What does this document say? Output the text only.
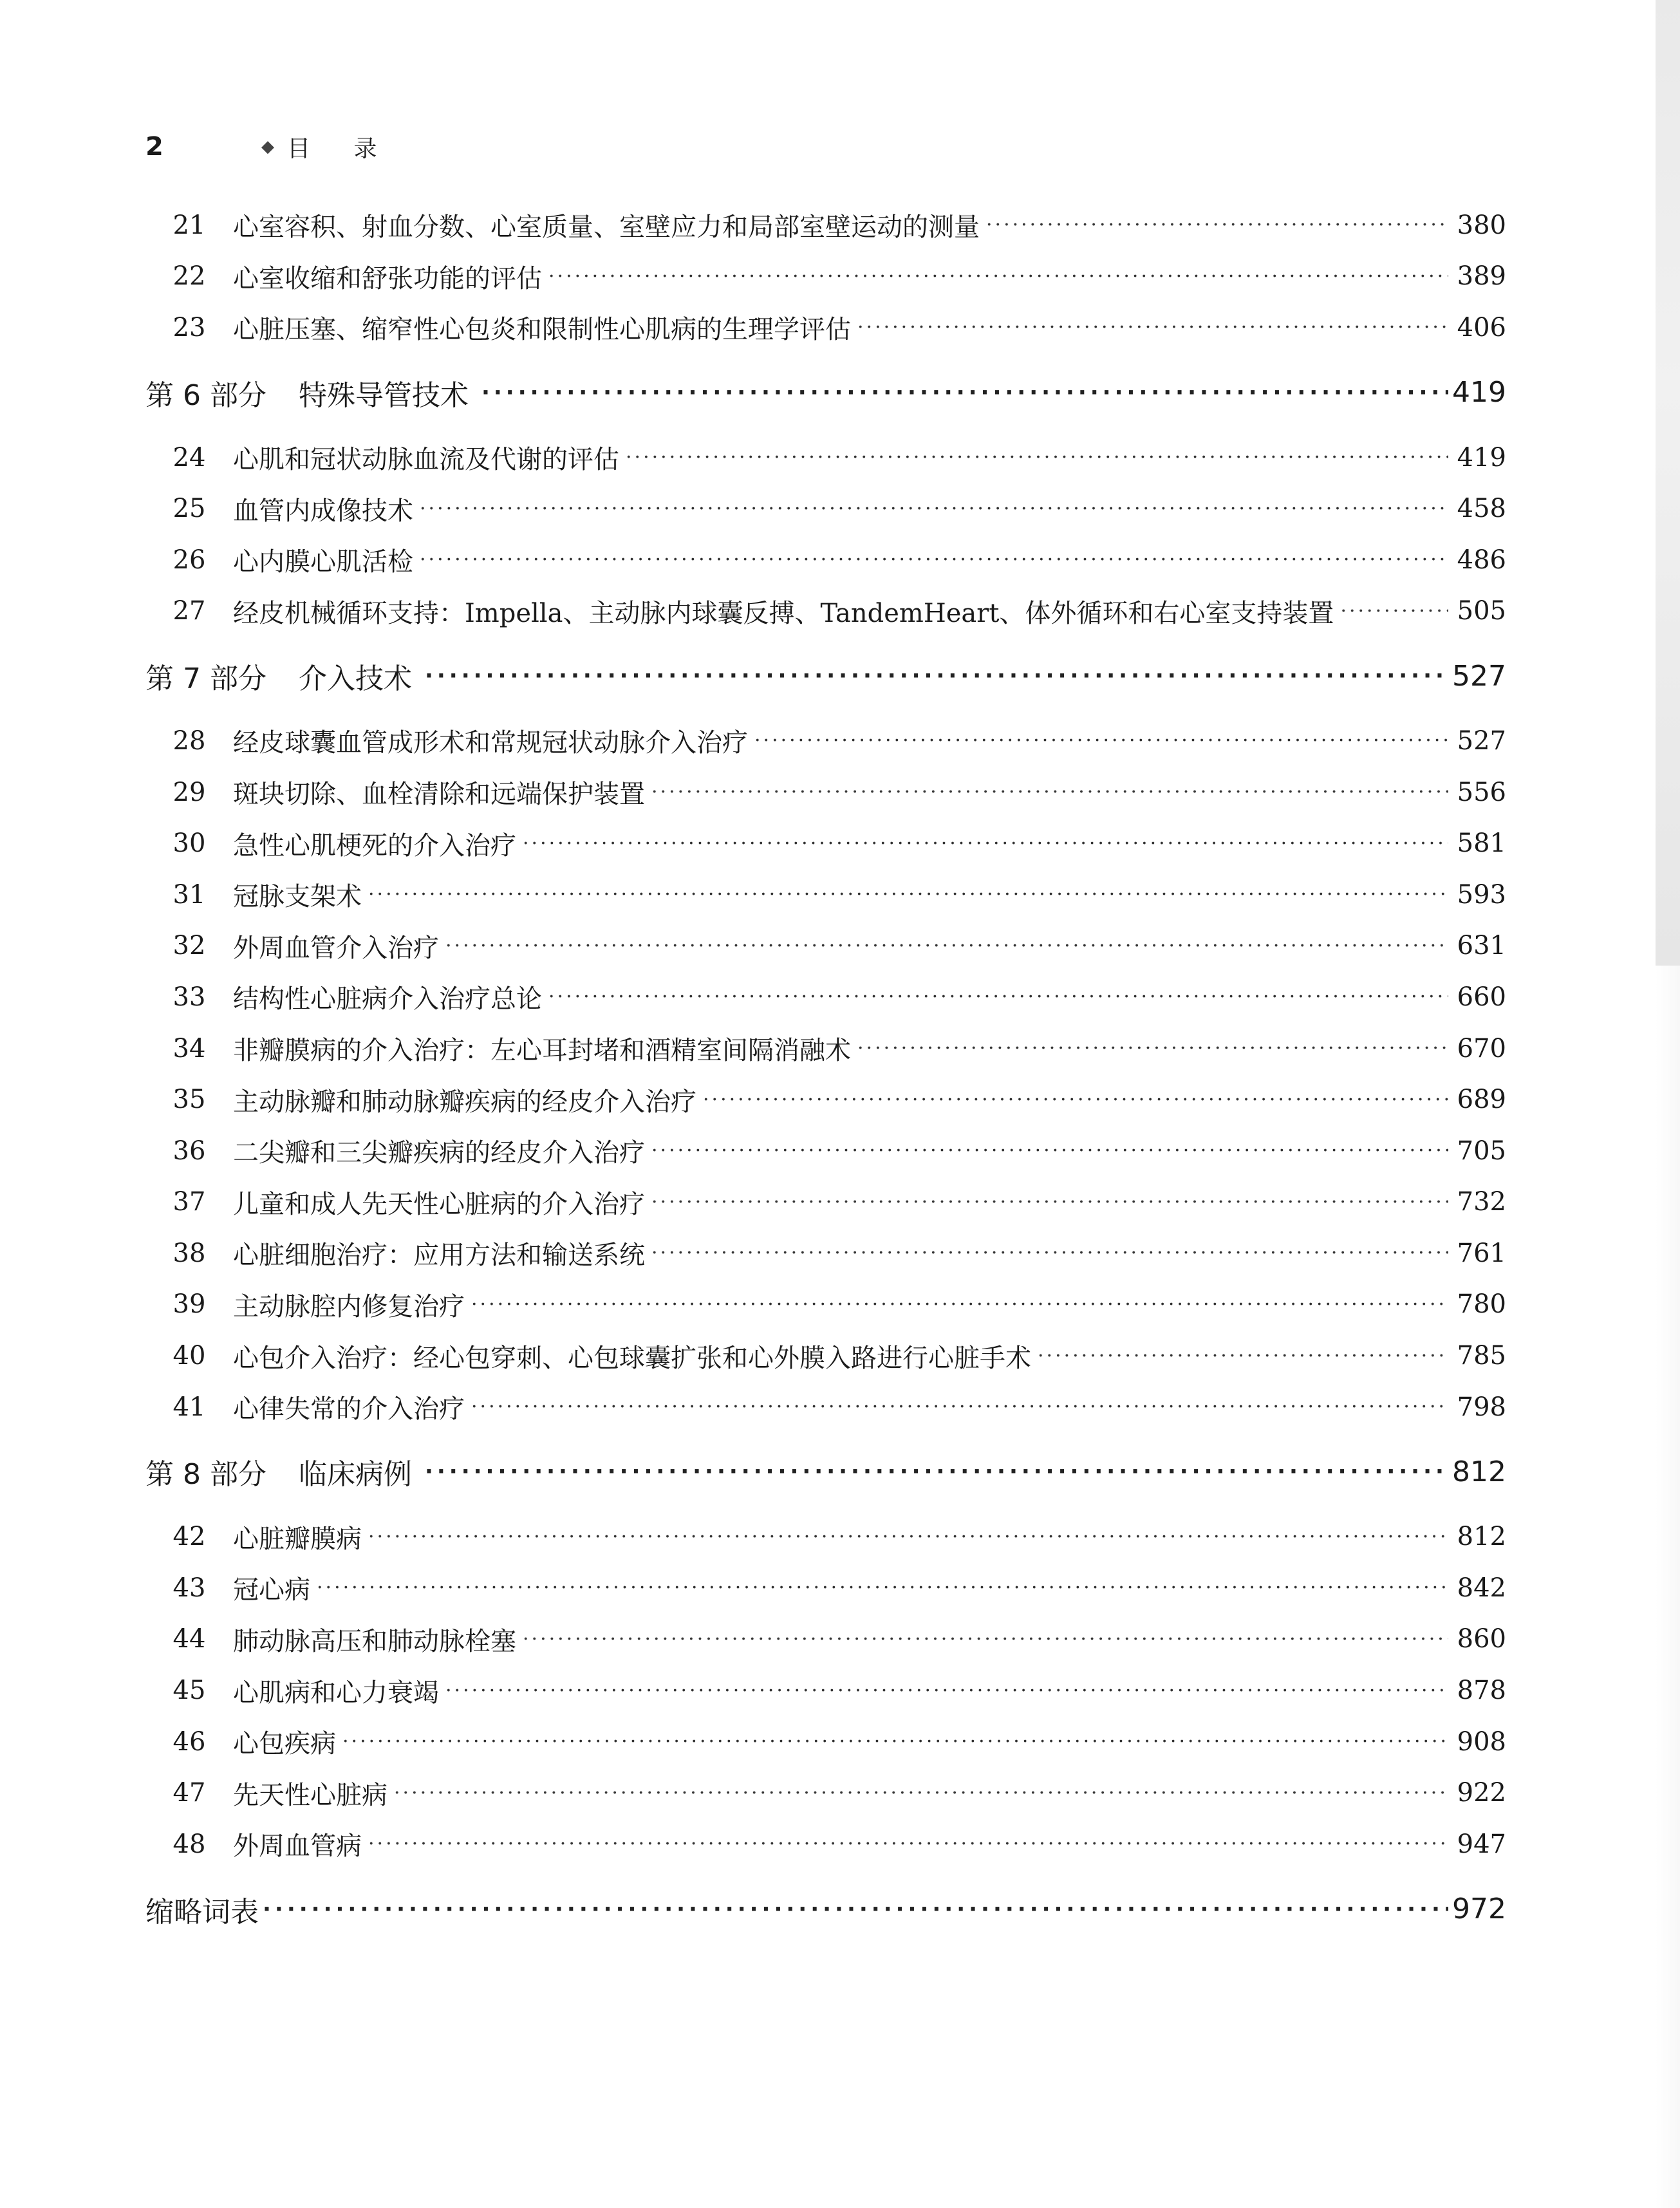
2	◆ 目 录
21	心室容积、射血分数、心室质量、室壁应力和局部室壁运动的测量 ·····	380
22	心室收缩和舒张功能的评估 ·····	389
23	心脏压塞、缩窄性心包炎和限制性心肌病的生理学评估 ·····	406
第 6 部分 特殊导管技术 ·····	419
24	心肌和冠状动脉血流及代谢的评估 ·····	419
25	血管内成像技术 ·····	458
26	心内膜心肌活检 ·····	486
27	经皮机械循环支持：Impella、主动脉内球囊反搏、TandemHeart、体外循环和右心室支持装置 ·····	505
第 7 部分 介入技术 ·····	527
28	经皮球囊血管成形术和常规冠状动脉介入治疗 ·····	527
29	斑块切除、血栓清除和远端保护装置 ·····	556
30	急性心肌梗死的介入治疗 ·····	581
31	冠脉支架术 ·····	593
32	外周血管介入治疗 ·····	631
33	结构性心脏病介入治疗总论 ·····	660
34	非瓣膜病的介入治疗：左心耳封堵和酒精室间隔消融术 ·····	670
35	主动脉瓣和肺动脉瓣疾病的经皮介入治疗 ·····	689
36	二尖瓣和三尖瓣疾病的经皮介入治疗 ·····	705
37	儿童和成人先天性心脏病的介入治疗 ·····	732
38	心脏细胞治疗：应用方法和输送系统 ·····	761
39	主动脉腔内修复治疗 ·····	780
40	心包介入治疗：经心包穿刺、心包球囊扩张和心外膜入路进行心脏手术 ·····	785
41	心律失常的介入治疗 ·····	798
第 8 部分 临床病例 ·····	812
42	心脏瓣膜病 ·····	812
43	冠心病 ·····	842
44	肺动脉高压和肺动脉栓塞 ·····	860
45	心肌病和心力衰竭 ·····	878
46	心包疾病 ·····	908
47	先天性心脏病 ·····	922
48	外周血管病 ·····	947
缩略词表 ·····	972
